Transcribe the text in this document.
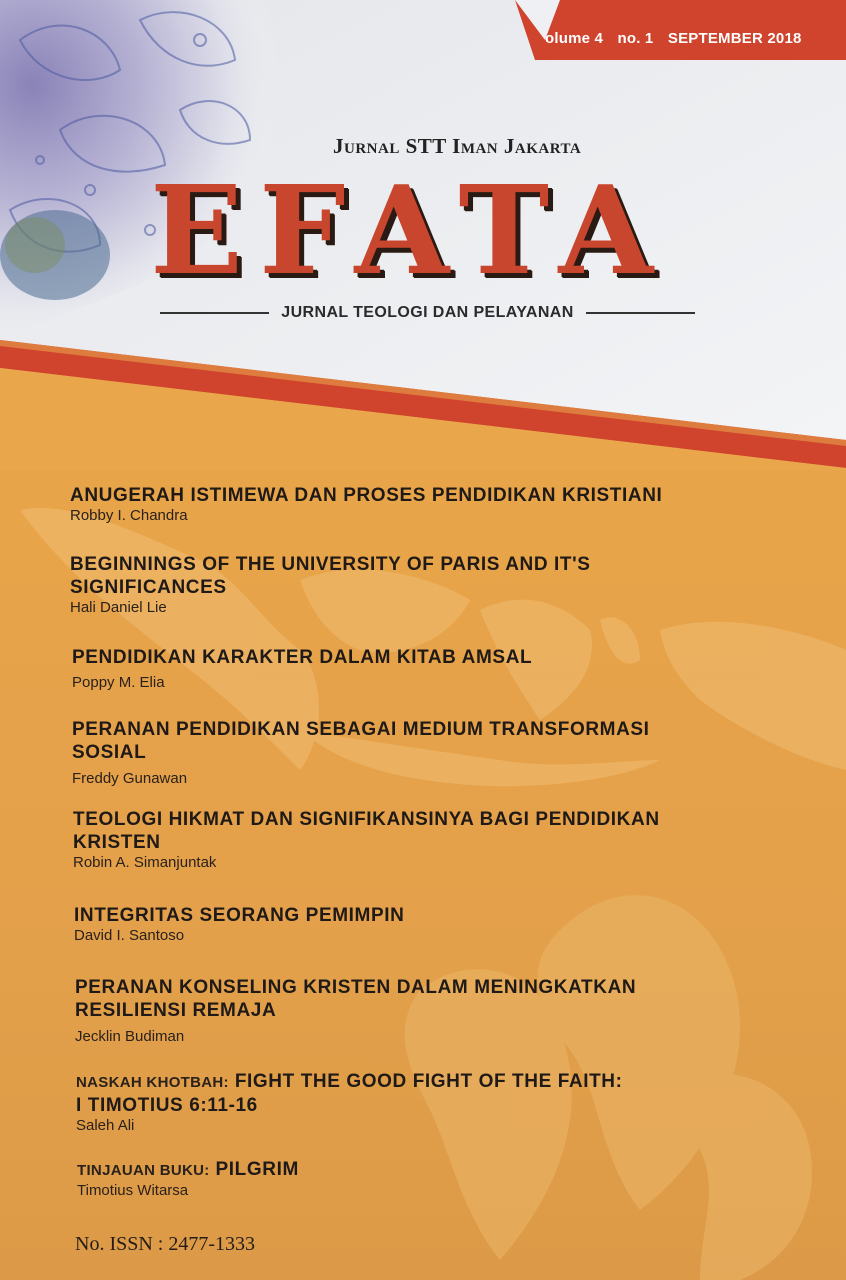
olume 4 no. 1 SEPTEMBER 2018
Jurnal STT Iman Jakarta
EFATA
JURNAL TEOLOGI DAN PELAYANAN
ANUGERAH ISTIMEWA DAN PROSES PENDIDIKAN KRISTIANI
Robby I. Chandra
BEGINNINGS OF THE UNIVERSITY OF PARIS AND IT'S
SIGNIFICANCES
Hali Daniel Lie
PENDIDIKAN KARAKTER DALAM KITAB AMSAL
Poppy M. Elia
PERANAN PENDIDIKAN SEBAGAI MEDIUM TRANSFORMASI
SOSIAL
Freddy Gunawan
TEOLOGI HIKMAT DAN SIGNIFIKANSINYA BAGI PENDIDIKAN
KRISTEN
Robin A. Simanjuntak
INTEGRITAS SEORANG PEMIMPIN
David I. Santoso
PERANAN KONSELING KRISTEN DALAM MENINGKATKAN
RESILIENSI REMAJA
Jecklin Budiman
NASKAH KHOTBAH: FIGHT THE GOOD FIGHT OF THE FAITH:
I TIMOTIUS 6:11-16
Saleh Ali
TINJAUAN BUKU: PILGRIM
Timotius Witarsa
No. ISSN : 2477-1333
